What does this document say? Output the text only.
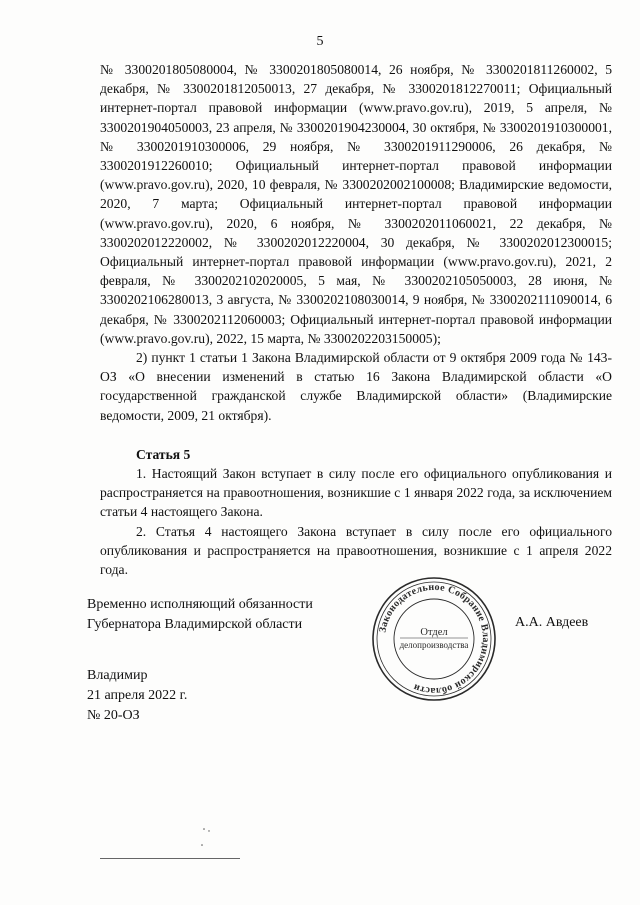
5

№ 3300201805080004, № 3300201805080014, 26 ноября, № 3300201811260002, 5 декабря, № 3300201812050013, 27 декабря, № 3300201812270011; Официальный интернет-портал правовой информации (www.pravo.gov.ru), 2019, 5 апреля, № 3300201904050003, 23 апреля, № 3300201904230004, 30 октября, № 3300201910300001, № 3300201910300006, 29 ноября, № 3300201911290006, 26 декабря, № 3300201912260010; Официальный интернет-портал правовой информации (www.pravo.gov.ru), 2020, 10 февраля, № 3300202002100008; Владимирские ведомости, 2020, 7 марта; Официальный интернет-портал правовой информации (www.pravo.gov.ru), 2020, 6 ноября, № 3300202011060021, 22 декабря, № 3300202012220002, № 3300202012220004, 30 декабря, № 3300202012300015; Официальный интернет-портал правовой информации (www.pravo.gov.ru), 2021, 2 февраля, № 3300202102020005, 5 мая, № 3300202105050003, 28 июня, № 3300202106280013, 3 августа, № 3300202108030014, 9 ноября, № 3300202111090014, 6 декабря, № 3300202112060003; Официальный интернет-портал правовой информации (www.pravo.gov.ru), 2022, 15 марта, № 3300202203150005);

2) пункт 1 статьи 1 Закона Владимирской области от 9 октября 2009 года № 143-ОЗ «О внесении изменений в статью 16 Закона Владимирской области «О государственной гражданской службе Владимирской области» (Владимирские ведомости, 2009, 21 октября).

Статья 5

1. Настоящий Закон вступает в силу после его официального опубликования и распространяется на правоотношения, возникшие с 1 января 2022 года, за исключением статьи 4 настоящего Закона.

2. Статья 4 настоящего Закона вступает в силу после его официального опубликования и распространяется на правоотношения, возникшие с 1 апреля 2022 года.

Временно исполняющий обязанности
Губернатора Владимирской области	Законодательное Собрание Владимирской области
Отдел
делопроизводства
А.А. Авдеев
Владимир
21 апреля 2022 г.
№ 20-ОЗ
